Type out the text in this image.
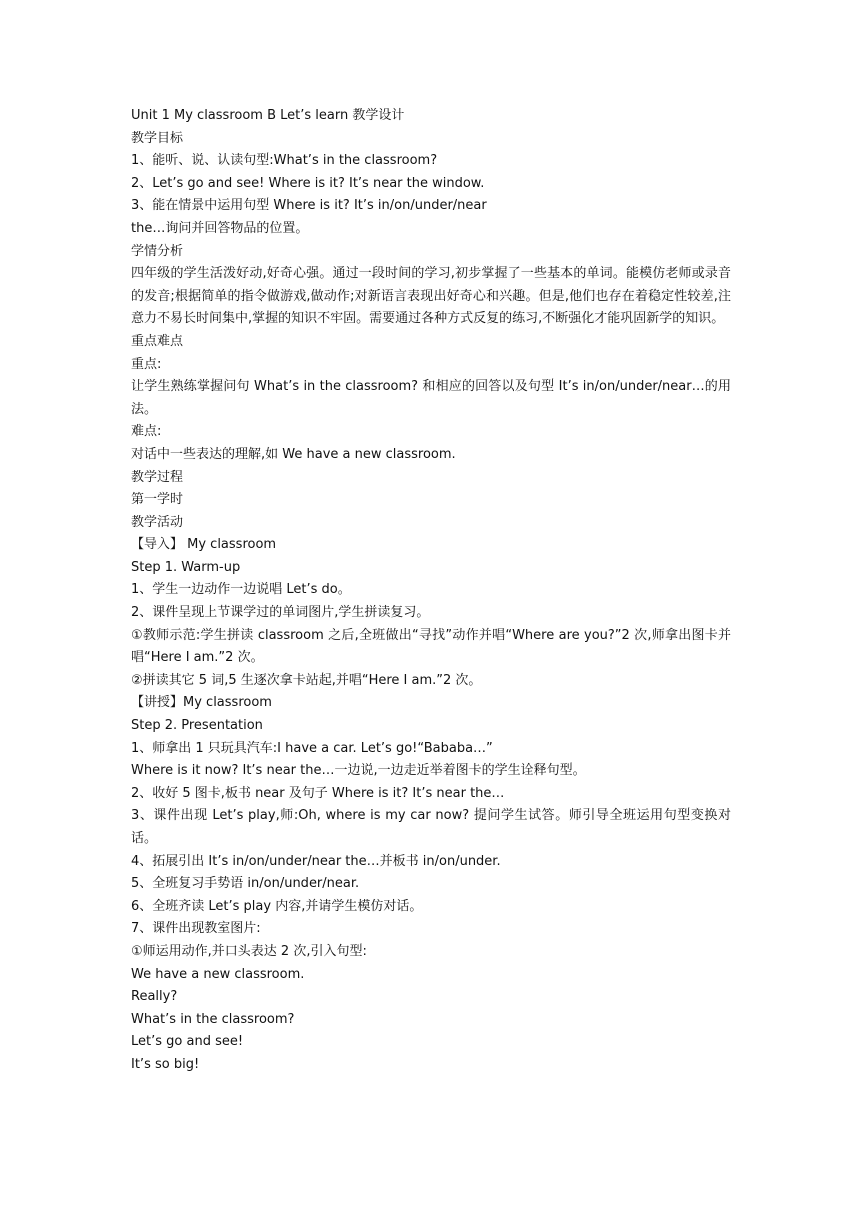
Unit 1 My classroom B Let’s learn 教学设计
教学目标
1、能听、说、认读句型:What’s in the classroom?
2、Let’s go and see! Where is it? It’s near the window.
3、能在情景中运用句型 Where is it? It’s in/on/under/near
the…询问并回答物品的位置。
学情分析
四年级的学生活泼好动,好奇心强。通过一段时间的学习,初步掌握了一些基本的单词。能模仿老师或录音的发音;根据简单的指令做游戏,做动作;对新语言表现出好奇心和兴趣。但是,他们也存在着稳定性较差,注意力不易长时间集中,掌握的知识不牢固。需要通过各种方式反复的练习,不断强化才能巩固新学的知识。
重点难点
重点:
让学生熟练掌握问句 What’s in the classroom? 和相应的回答以及句型 It’s in/on/under/near…的用法。
难点:
对话中一些表达的理解,如 We have a new classroom.
教学过程
第一学时
教学活动
【导入】 My classroom
Step 1. Warm-up
1、学生一边动作一边说唱 Let’s do。
2、课件呈现上节课学过的单词图片,学生拼读复习。
①教师示范:学生拼读 classroom 之后,全班做出“寻找”动作并唱“Where are you?”2 次,师拿出图卡并唱“Here I am.”2 次。
②拼读其它 5 词,5 生逐次拿卡站起,并唱“Here I am.”2 次。
【讲授】My classroom
Step 2. Presentation
1、师拿出 1 只玩具汽车:I have a car. Let’s go!“Bababa…”
Where is it now? It’s near the…一边说,一边走近举着图卡的学生诠释句型。
2、收好 5 图卡,板书 near 及句子 Where is it? It’s near the…
3、课件出现 Let’s play,师:Oh, where is my car now? 提问学生试答。师引导全班运用句型变换对话。
4、拓展引出 It’s in/on/under/near the…并板书 in/on/under.
5、全班复习手势语 in/on/under/near.
6、全班齐读 Let’s play 内容,并请学生模仿对话。
7、课件出现教室图片:
①师运用动作,并口头表达 2 次,引入句型:
We have a new classroom.
Really?
What’s in the classroom?
Let’s go and see!
It’s so big!
